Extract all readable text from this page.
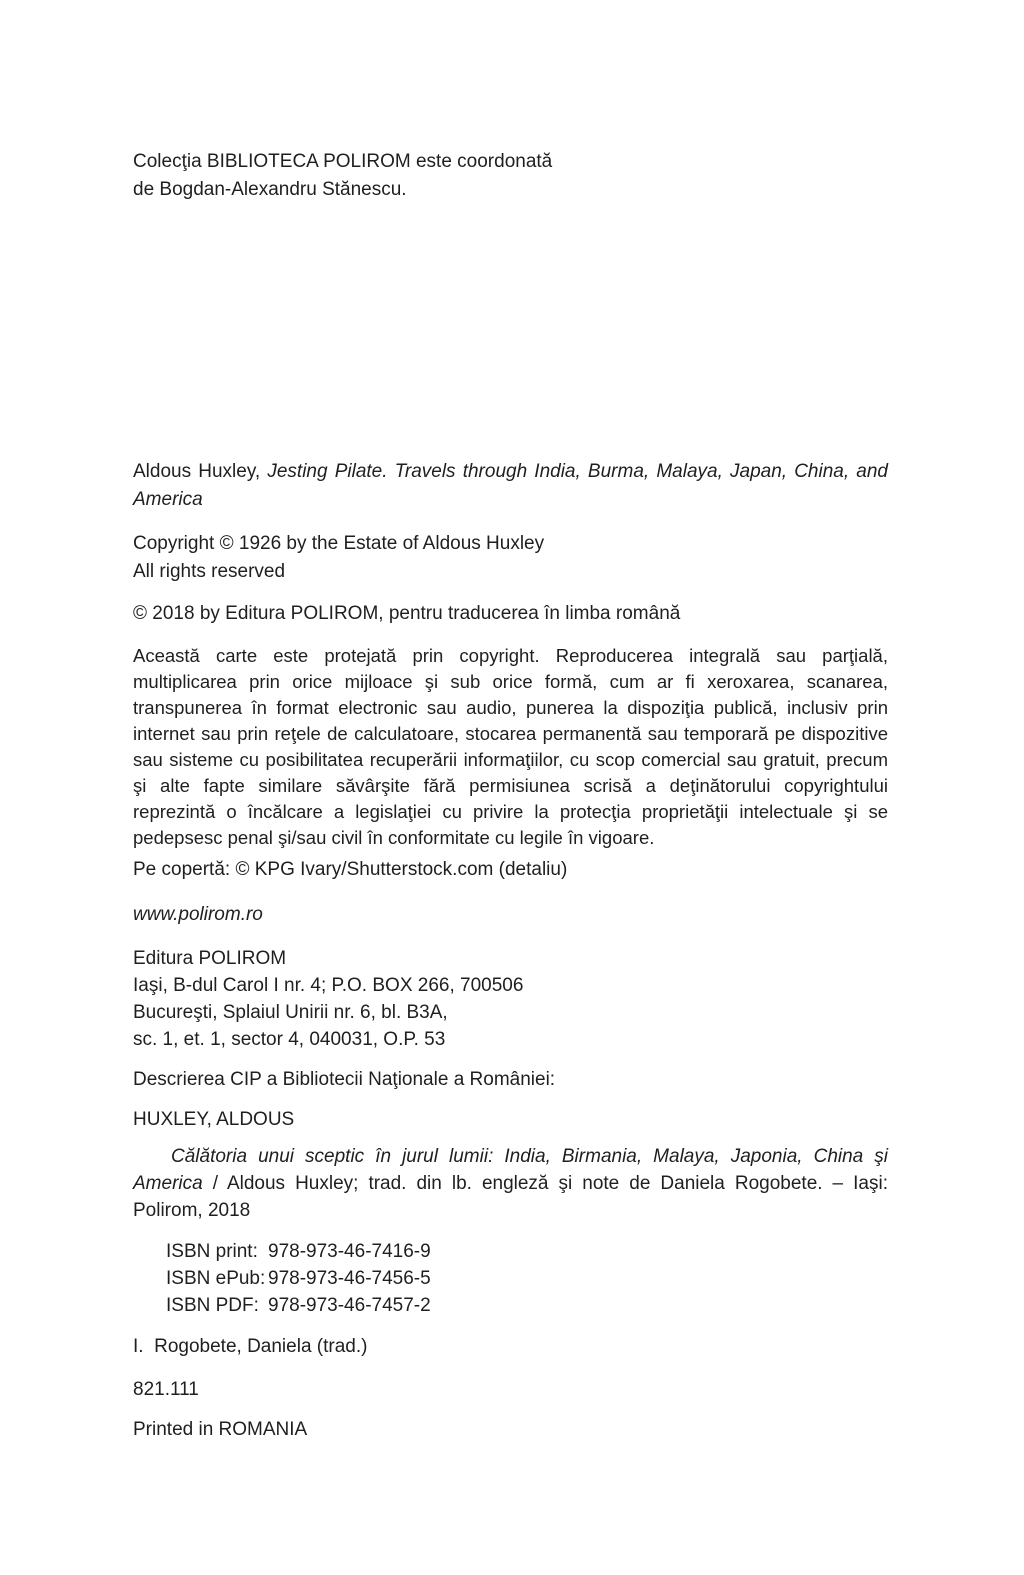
Colecţia BIBLIOTECA POLIROM este coordonată

de Bogdan-Alexandru Stănescu.

Aldous Huxley, Jesting Pilate. Travels through India, Burma, Malaya, Japan, China, and America

Copyright © 1926 by the Estate of Aldous Huxley

All rights reserved

© 2018 by Editura POLIROM, pentru traducerea în limba română

Această carte este protejată prin copyright. Reproducerea integrală sau parţială, multiplicarea prin orice mijloace şi sub orice formă, cum ar fi xeroxarea, scanarea, transpunerea în format electronic sau audio, punerea la dispoziţia publică, inclusiv prin internet sau prin reţele de calculatoare, stocarea permanentă sau temporară pe dispozitive sau sisteme cu posibilitatea recuperării informaţiilor, cu scop comercial sau gratuit, precum şi alte fapte similare săvârşite fără permisiunea scrisă a deţinătorului copyrightului reprezintă o încălcare a legislaţiei cu privire la protecţia proprietăţii intelectuale şi se pedepsesc penal şi/sau civil în conformitate cu legile în vigoare.

Pe copertă: © KPG Ivary/Shutterstock.com (detaliu)

www.polirom.ro

Editura POLIROM

Iaşi, B-dul Carol I nr. 4; P.O. BOX 266, 700506

Bucureşti, Splaiul Unirii nr. 6, bl. B3A,

sc. 1, et. 1, sector 4, 040031, O.P. 53

Descrierea CIP a Bibliotecii Naţionale a României:

HUXLEY, ALDOUS

Călătoria unui sceptic în jurul lumii: India, Birmania, Malaya, Japonia, China şi America / Aldous Huxley; trad. din lb. engleză şi note de Daniela Rogobete. – Iaşi: Polirom, 2018

ISBN print: 978-973-46-7416-9

ISBN ePub: 978-973-46-7456-5

ISBN PDF: 978-973-46-7457-2

I.  Rogobete, Daniela (trad.)

821.111

Printed in ROMANIA
